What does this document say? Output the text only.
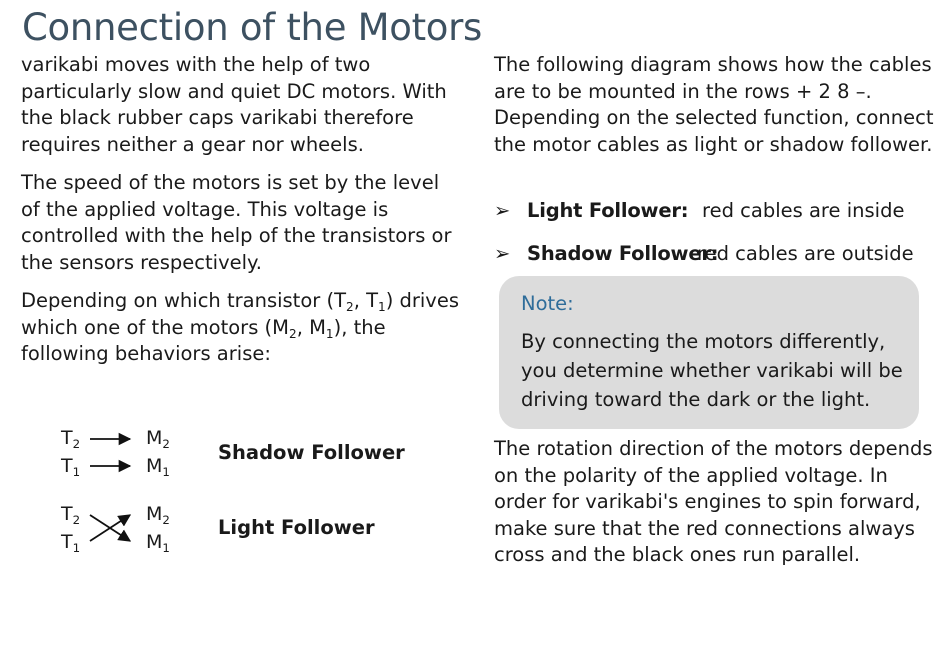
Connection of the Motors

varikabi moves with the help of two particularly slow and quiet DC motors. With the black rubber caps varikabi therefore requires neither a gear nor wheels.

The speed of the motors is set by the level of the applied voltage. This voltage is controlled with the help of the transistors or the sensors respectively.

Depending on which transistor ($T_2$, $T_1$) drives which one of the motors ($M_2$, $M_1$), the following behaviors arise:

$T_2$
$T_1$
$M_2$
$M_1$
Shadow Follower
$T_2$
$T_1$
$M_2$
$M_1$
Light Follower

The following diagram shows how the cables are to be mounted in the rows + 2 8 –. Depending on the selected function, connect the motor cables as light or shadow follower.

➢ Light Follower: red cables are inside
➢ Shadow Follower:
red cables are outside
Note:
By connecting the motors differently, you determine whether varikabi will be driving toward the dark or the light.

The rotation direction of the motors depends on the polarity of the applied voltage. In order for varikabi's engines to spin forward, make sure that the red connections always cross and the black ones run parallel.
